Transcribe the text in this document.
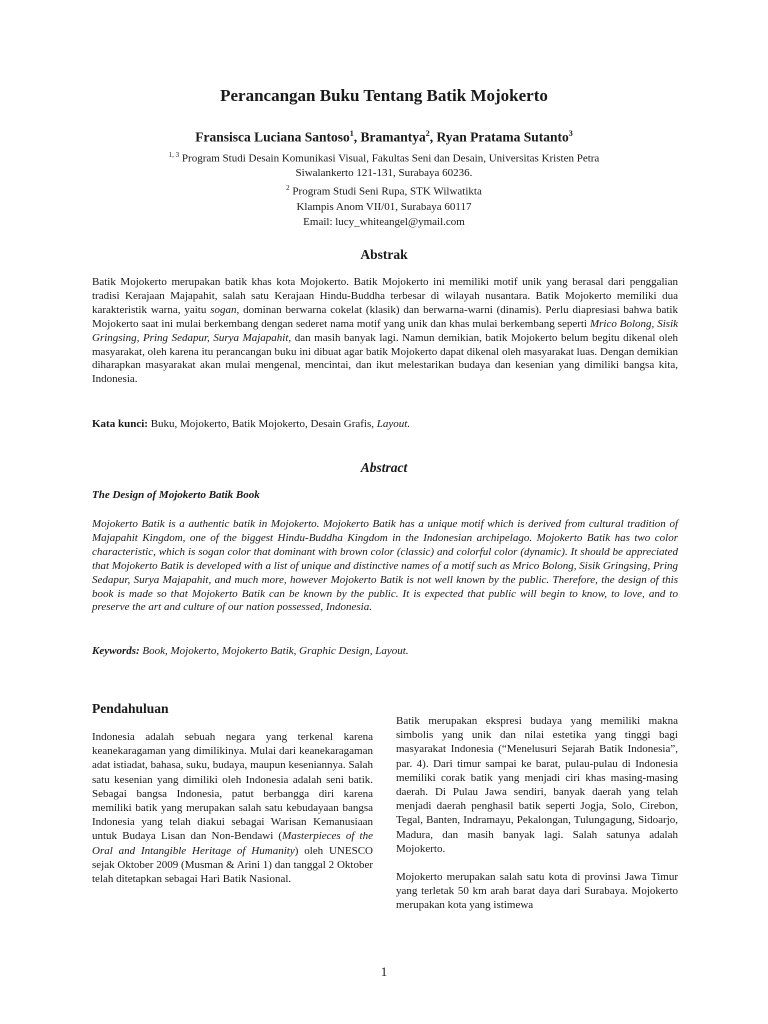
Perancangan Buku Tentang Batik Mojokerto
Fransisca Luciana Santoso$^1$, Bramantya$^2$, Ryan Pratama Sutanto$^3$
$^{1, 3}$ Program Studi Desain Komunikasi Visual, Fakultas Seni dan Desain, Universitas Kristen Petra
Siwalankerto 121-131, Surabaya 60236.
$^2$ Program Studi Seni Rupa, STK Wilwatikta
Klampis Anom VII/01, Surabaya 60117
Email: lucy_whiteangel@ymail.com
Abstrak
Batik Mojokerto merupakan batik khas kota Mojokerto. Batik Mojokerto ini memiliki motif unik yang berasal dari penggalian tradisi Kerajaan Majapahit, salah satu Kerajaan Hindu-Buddha terbesar di wilayah nusantara. Batik Mojokerto memiliki dua karakteristik warna, yaitu sogan, dominan berwarna cokelat (klasik) dan berwarna-warni (dinamis). Perlu diapresiasi bahwa batik Mojokerto saat ini mulai berkembang dengan sederet nama motif yang unik dan khas mulai berkembang seperti Mrico Bolong, Sisik Gringsing, Pring Sedapur, Surya Majapahit, dan masih banyak lagi. Namun demikian, batik Mojokerto belum begitu dikenal oleh masyarakat, oleh karena itu perancangan buku ini dibuat agar batik Mojokerto dapat dikenal oleh masyarakat luas. Dengan demikian diharapkan masyarakat akan mulai mengenal, mencintai, dan ikut melestarikan budaya dan kesenian yang dimiliki bangsa kita, Indonesia.
Kata kunci: Buku, Mojokerto, Batik Mojokerto, Desain Grafis, Layout.
Abstract
The Design of Mojokerto Batik Book
Mojokerto Batik is a authentic batik in Mojokerto. Mojokerto Batik has a unique motif which is derived from cultural tradition of Majapahit Kingdom, one of the biggest Hindu-Buddha Kingdom in the Indonesian archipelago. Mojokerto Batik has two color characteristic, which is sogan color that dominant with brown color (classic) and colorful color (dynamic). It should be appreciated that Mojokerto Batik is developed with a list of unique and distinctive names of a motif such as Mrico Bolong, Sisik Gringsing, Pring Sedapur, Surya Majapahit, and much more, however Mojokerto Batik is not well known by the public. Therefore, the design of this book is made so that Mojokerto Batik can be known by the public. It is expected that public will begin to know, to love, and to preserve the art and culture of our nation possessed, Indonesia.
Keywords: Book, Mojokerto, Mojokerto Batik, Graphic Design, Layout.
Pendahuluan

Indonesia adalah sebuah negara yang terkenal karena keanekaragaman yang dimilikinya. Mulai dari keanekaragaman adat istiadat, bahasa, suku, budaya, maupun keseniannya. Salah satu kesenian yang dimiliki oleh Indonesia adalah seni batik. Sebagai bangsa Indonesia, patut berbangga diri karena memiliki batik yang merupakan salah satu kebudayaan bangsa Indonesia yang telah diakui sebagai Warisan Kemanusiaan untuk Budaya Lisan dan Non-Bendawi (Masterpieces of the Oral and Intangible Heritage of Humanity) oleh UNESCO sejak Oktober 2009 (Musman & Arini 1) dan tanggal 2 Oktober telah ditetapkan sebagai Hari Batik Nasional.

Batik merupakan ekspresi budaya yang memiliki makna simbolis yang unik dan nilai estetika yang tinggi bagi masyarakat Indonesia (“Menelusuri Sejarah Batik Indonesia”, par. 4). Dari timur sampai ke barat, pulau-pulau di Indonesia memiliki corak batik yang menjadi ciri khas masing-masing daerah. Di Pulau Jawa sendiri, banyak daerah yang telah menjadi daerah penghasil batik seperti Jogja, Solo, Cirebon, Tegal, Banten, Indramayu, Pekalongan, Tulungagung, Sidoarjo, Madura, dan masih banyak lagi. Salah satunya adalah Mojokerto.

Mojokerto merupakan salah satu kota di provinsi Jawa Timur yang terletak 50 km arah barat daya dari Surabaya. Mojokerto merupakan kota yang istimewa

1
